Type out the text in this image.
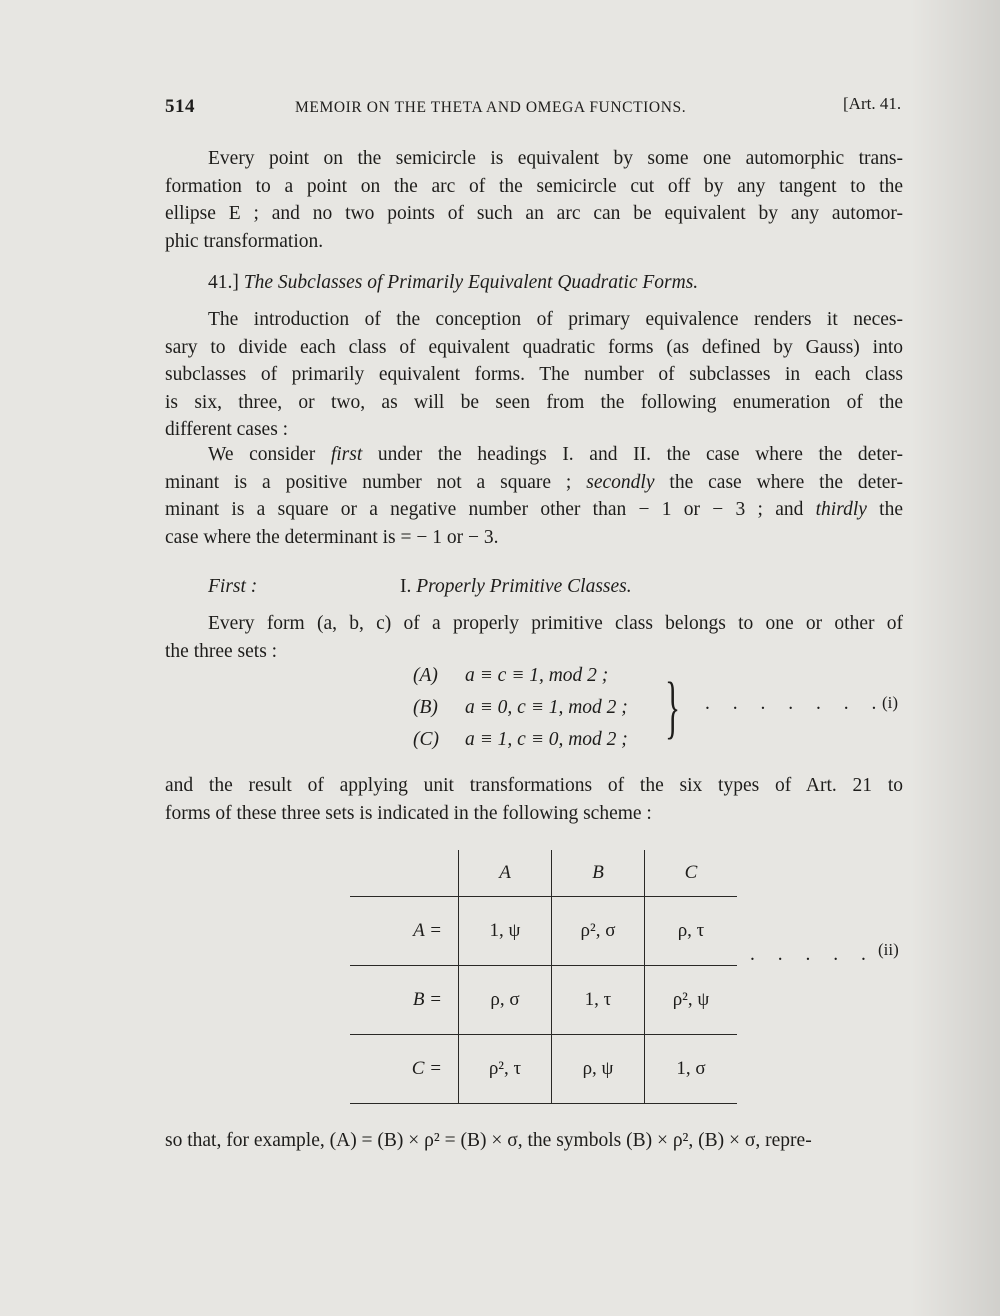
514	MEMOIR ON THE THETA AND OMEGA FUNCTIONS.	[Art. 41.
Every point on the semicircle is equivalent by some one automorphic trans-
formation to a point on the arc of the semicircle cut off by any tangent to the
ellipse E ; and no two points of such an arc can be equivalent by any automor-
phic transformation.
41.] The Subclasses of Primarily Equivalent Quadratic Forms.
The introduction of the conception of primary equivalence renders it neces-
sary to divide each class of equivalent quadratic forms (as defined by Gauss) into
subclasses of primarily equivalent forms. The number of subclasses in each class
is six, three, or two, as will be seen from the following enumeration of the
different cases :
We consider first under the headings I. and II. the case where the deter-
minant is a positive number not a square ; secondly the case where the deter-
minant is a square or a negative number other than − 1 or − 3 ; and thirdly the
case where the determinant is = − 1 or − 3.
First :	I. Properly Primitive Classes.
Every form (a, b, c) of a properly primitive class belongs to one or other of
the three sets :
(A) a ≡ c ≡ 1, mod 2 ;
(B) a ≡ 0, c ≡ 1, mod 2 ;
(C) a ≡ 1, c ≡ 0, mod 2 ; } . . . . . . .
(i)
and the result of applying unit transformations of the six types of Art. 21 to
forms of these three sets is indicated in the following scheme :
	A	B	C
A =	1, ψ	ρ², σ	ρ, τ
B =	ρ, σ	1, τ	ρ², ψ
C =	ρ², τ	ρ, ψ	1, σ
. . . . . (ii)
so that, for example, (A) = (B) × ρ² = (B) × σ, the symbols (B) × ρ², (B) × σ, repre-
